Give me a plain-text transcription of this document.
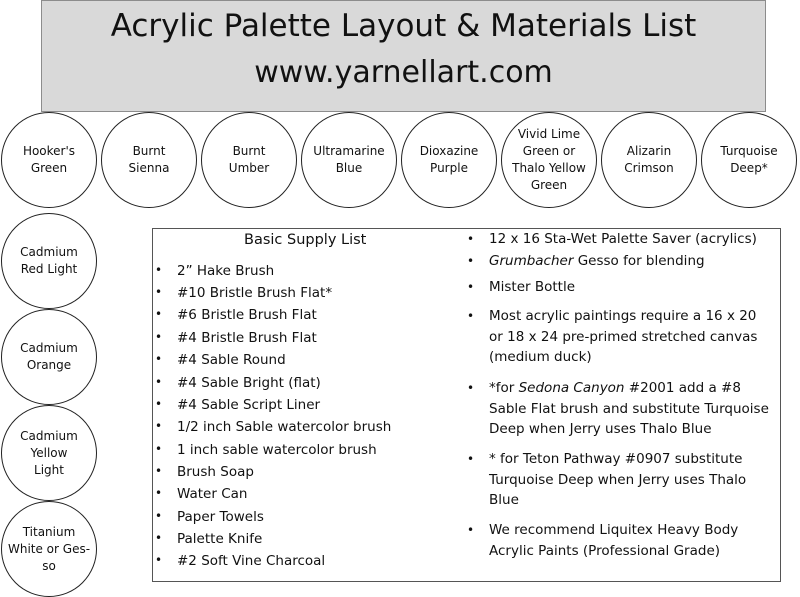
Acrylic Palette Layout & Materials List
www.yarnellart.com
Hooker's
Green
Burnt
Sienna
Burnt
Umber
Ultramarine
Blue
Dioxazine
Purple
Vivid Lime
Green or
Thalo Yellow
Green
Alizarin
Crimson
Turquoise
Deep*
Cadmium
Red Light
Cadmium
Orange
Cadmium
Yellow
Light
Titanium
White or Ges-
so
Basic Supply List
• 2” Hake Brush
• #10 Bristle Brush Flat*
• #6 Bristle Brush Flat
• #4 Bristle Brush Flat
• #4 Sable Round
• #4 Sable Bright (flat)
• #4 Sable Script Liner
• 1/2 inch Sable watercolor brush
• 1 inch sable watercolor brush
• Brush Soap
• Water Can
• Paper Towels
• Palette Knife
• #2 Soft Vine Charcoal
• 12 x 16 Sta-Wet Palette Saver (acrylics)
• Grumbacher Gesso for blending
• Mister Bottle
• Most acrylic paintings require a 16 x 20
or 18 x 24 pre-primed stretched canvas
(medium duck)
• *for Sedona Canyon #2001 add a #8
Sable Flat brush and substitute Turquoise
Deep when Jerry uses Thalo Blue
• * for Teton Pathway #0907 substitute
Turquoise Deep when Jerry uses Thalo
Blue
• We recommend Liquitex Heavy Body
Acrylic Paints (Professional Grade)
